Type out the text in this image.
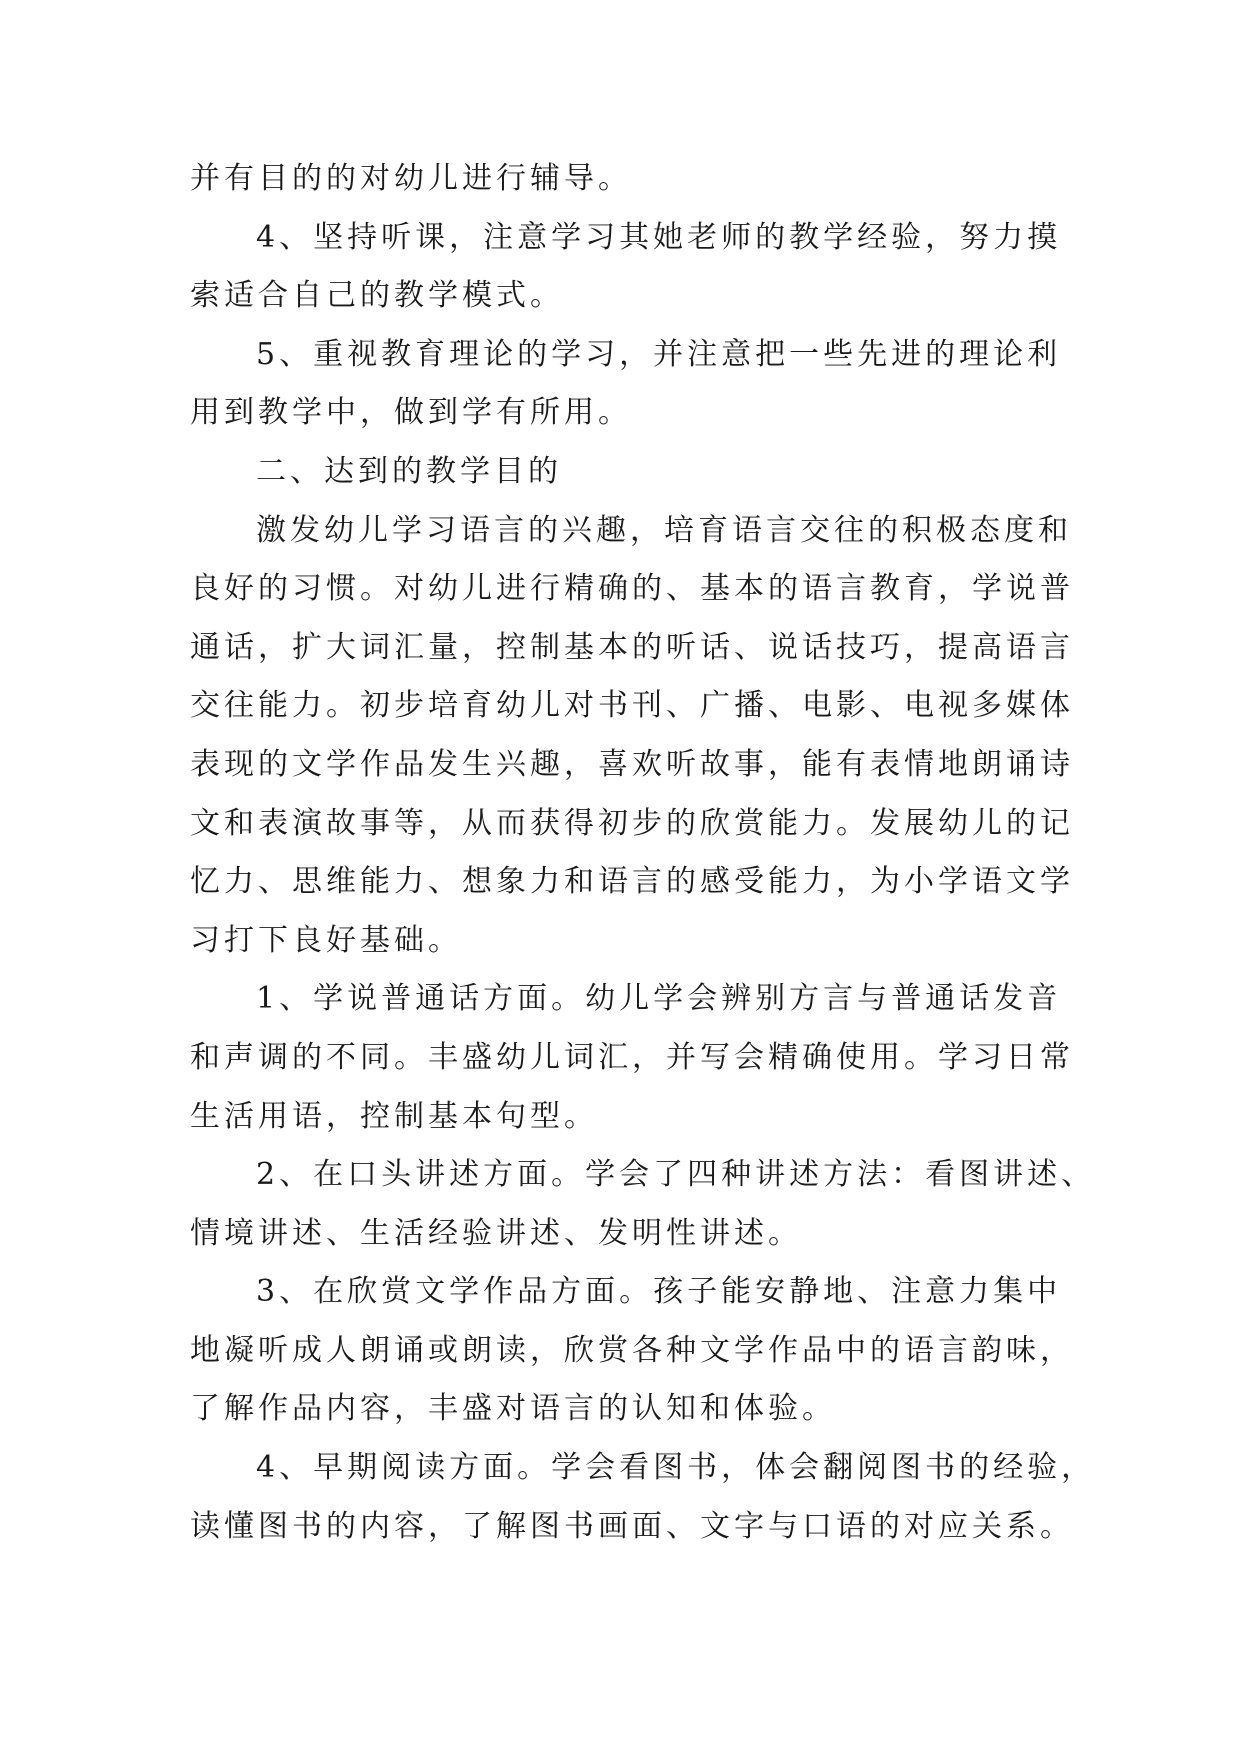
并有目的的对幼儿进行辅导。
4、坚持听课，注意学习其她老师的教学经验，努力摸
索适合自己的教学模式。
5、重视教育理论的学习，并注意把一些先进的理论利
用到教学中，做到学有所用。
二、达到的教学目的
激发幼儿学习语言的兴趣，培育语言交往的积极态度和
良好的习惯。对幼儿进行精确的、基本的语言教育，学说普
通话，扩大词汇量，控制基本的听话、说话技巧，提高语言
交往能力。初步培育幼儿对书刊、广播、电影、电视多媒体
表现的文学作品发生兴趣，喜欢听故事，能有表情地朗诵诗
文和表演故事等，从而获得初步的欣赏能力。发展幼儿的记
忆力、思维能力、想象力和语言的感受能力，为小学语文学
习打下良好基础。
1、学说普通话方面。幼儿学会辨别方言与普通话发音
和声调的不同。丰盛幼儿词汇，并写会精确使用。学习日常
生活用语，控制基本句型。
2、在口头讲述方面。学会了四种讲述方法：看图讲述、
情境讲述、生活经验讲述、发明性讲述。
3、在欣赏文学作品方面。孩子能安静地、注意力集中
地凝听成人朗诵或朗读，欣赏各种文学作品中的语言韵味，
了解作品内容，丰盛对语言的认知和体验。
4、早期阅读方面。学会看图书，体会翻阅图书的经验，
读懂图书的内容，了解图书画面、文字与口语的对应关系。
